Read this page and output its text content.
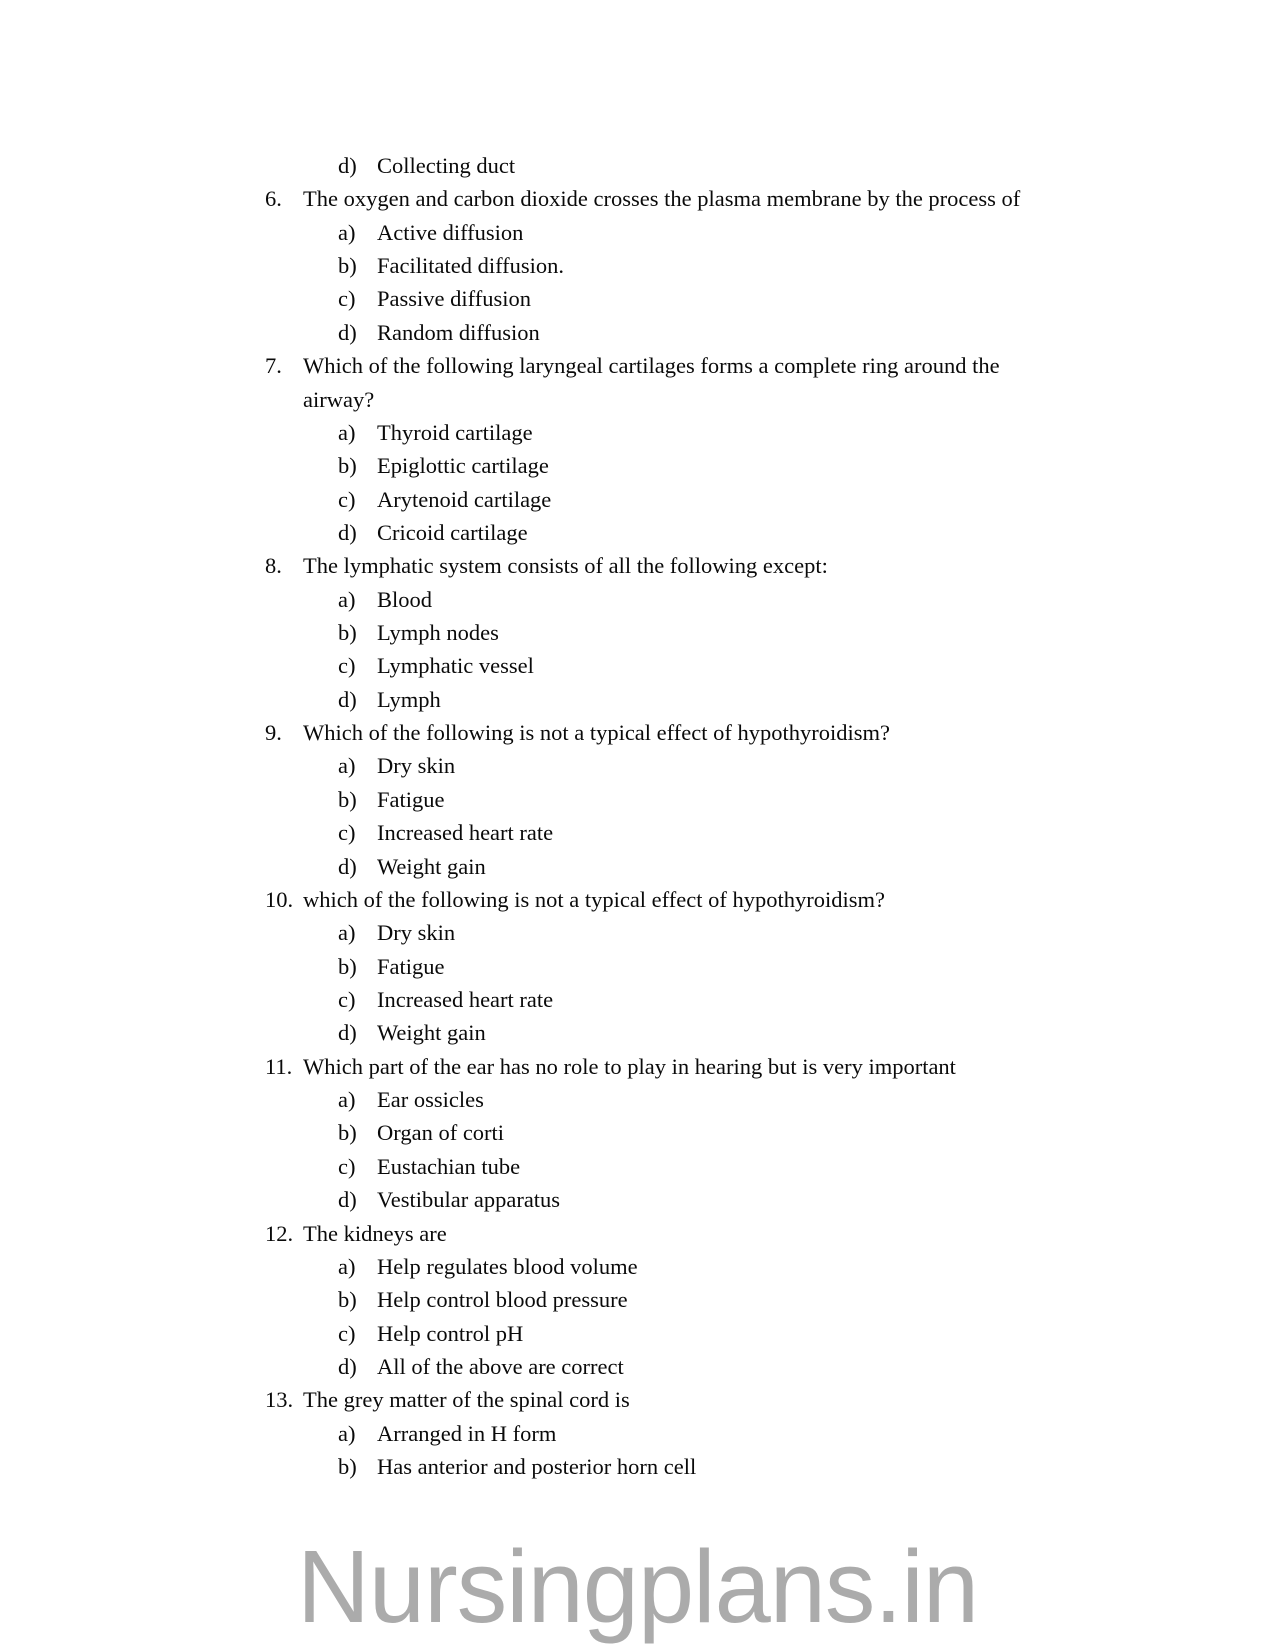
d) Collecting duct
6. The oxygen and carbon dioxide crosses the plasma membrane by the process of
a) Active diffusion
b) Facilitated diffusion.
c) Passive diffusion
d) Random diffusion
7. Which of the following laryngeal cartilages forms a complete ring around the
airway?
a) Thyroid cartilage
b) Epiglottic cartilage
c) Arytenoid cartilage
d) Cricoid cartilage
8. The lymphatic system consists of all the following except:
a) Blood
b) Lymph nodes
c) Lymphatic vessel
d) Lymph
9. Which of the following is not a typical effect of hypothyroidism?
a) Dry skin
b) Fatigue
c) Increased heart rate
d) Weight gain
10. which of the following is not a typical effect of hypothyroidism?
a) Dry skin
b) Fatigue
c) Increased heart rate
d) Weight gain
11. Which part of the ear has no role to play in hearing but is very important
a) Ear ossicles
b) Organ of corti
c) Eustachian tube
d) Vestibular apparatus
12. The kidneys are
a) Help regulates blood volume
b) Help control blood pressure
c) Help control pH
d) All of the above are correct
13. The grey matter of the spinal cord is
a) Arranged in H form
b) Has anterior and posterior horn cell
Nursingplans.in
